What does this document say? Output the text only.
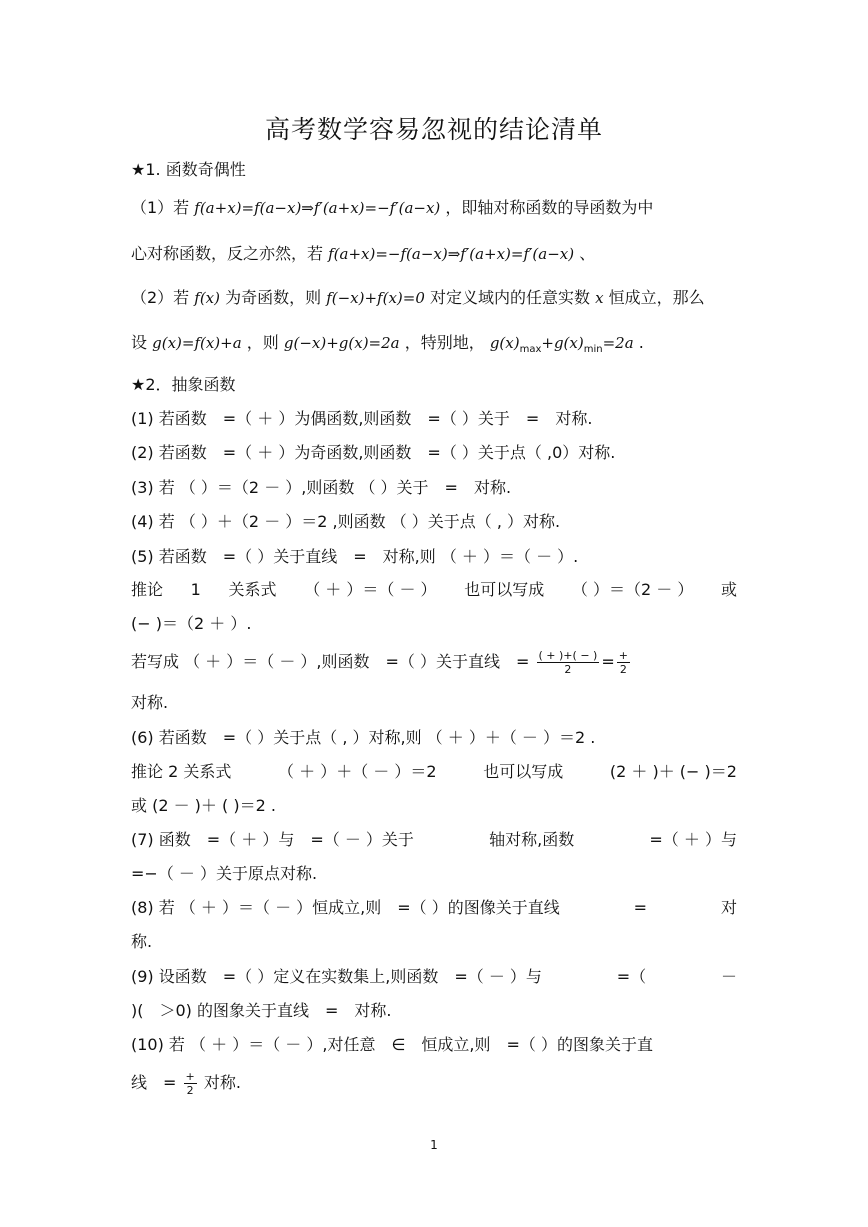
高考数学容易忽视的结论清单
★1. 函数奇偶性
（1）若 f(a+x)=f(a−x)⇒f′(a+x)=−f′(a−x) ，即轴对称函数的导函数为中
心对称函数，反之亦然，若 f(a+x)=−f(a−x)⇒f′(a+x)=f′(a−x) 、
（2）若 f(x) 为奇函数，则 f(−x)+f(x)=0 对定义域内的任意实数 x 恒成立，那么
设 g(x)=f(x)+a ，则 g(−x)+g(x)=2a ，特别地， $g(x)_{max}+g(x)_{min}=2a$ .
★2．抽象函数
(1) 若函数　=（ ＋ ）为偶函数,则函数　=（ ）关于　=　对称.
(2) 若函数　=（ ＋ ）为奇函数,则函数　=（ ）关于点（ ,0）对称.
(3) 若 （ ）＝（2 － ）,则函数 （ ）关于　=　对称.
(4) 若 （ ）＋（2 － ）＝2 ,则函数 （ ）关于点（ , ）对称.
(5) 若函数　=（ ）关于直线　=　对称,则 （ ＋ ）＝（ － ）.
推论 1 关系式 （ ＋ ）＝（ － ） 也可以写成 （ ）＝（2 － ） 或
(− )＝（2 ＋ ）.
若写成 （ ＋ ）＝（ － ）,则函数　=（ ）关于直线　= $\frac{( + )+( - )}{2} = \frac{+}{2}$
对称.
(6) 若函数　=（ ）关于点（ , ）对称,则 （ ＋ ）＋（ － ）＝2 .
推论 2 关系式	（ ＋ ）＋（ － ）＝2	也可以写成	(2 ＋ )＋ (− )＝2
或 (2 － )＋ ( )＝2 .
(7) 函数　=（ ＋ ）与　=（ － ）关于	轴对称,函数	=（ ＋ ）与
=−（ － ）关于原点对称.
(8) 若 （ ＋ ）＝（ － ）恒成立,则　=（ ）的图像关于直线	=	对
称.
(9) 设函数　=（ ）定义在实数集上,则函数　=（ － ）与	=（	－
)(　＞0) 的图象关于直线　=　对称.
(10) 若 （ ＋ ）＝（ － ）,对任意　∈　恒成立,则　=（ ）的图象关于直
线　= $\frac{+}{2}$ 对称.
1
